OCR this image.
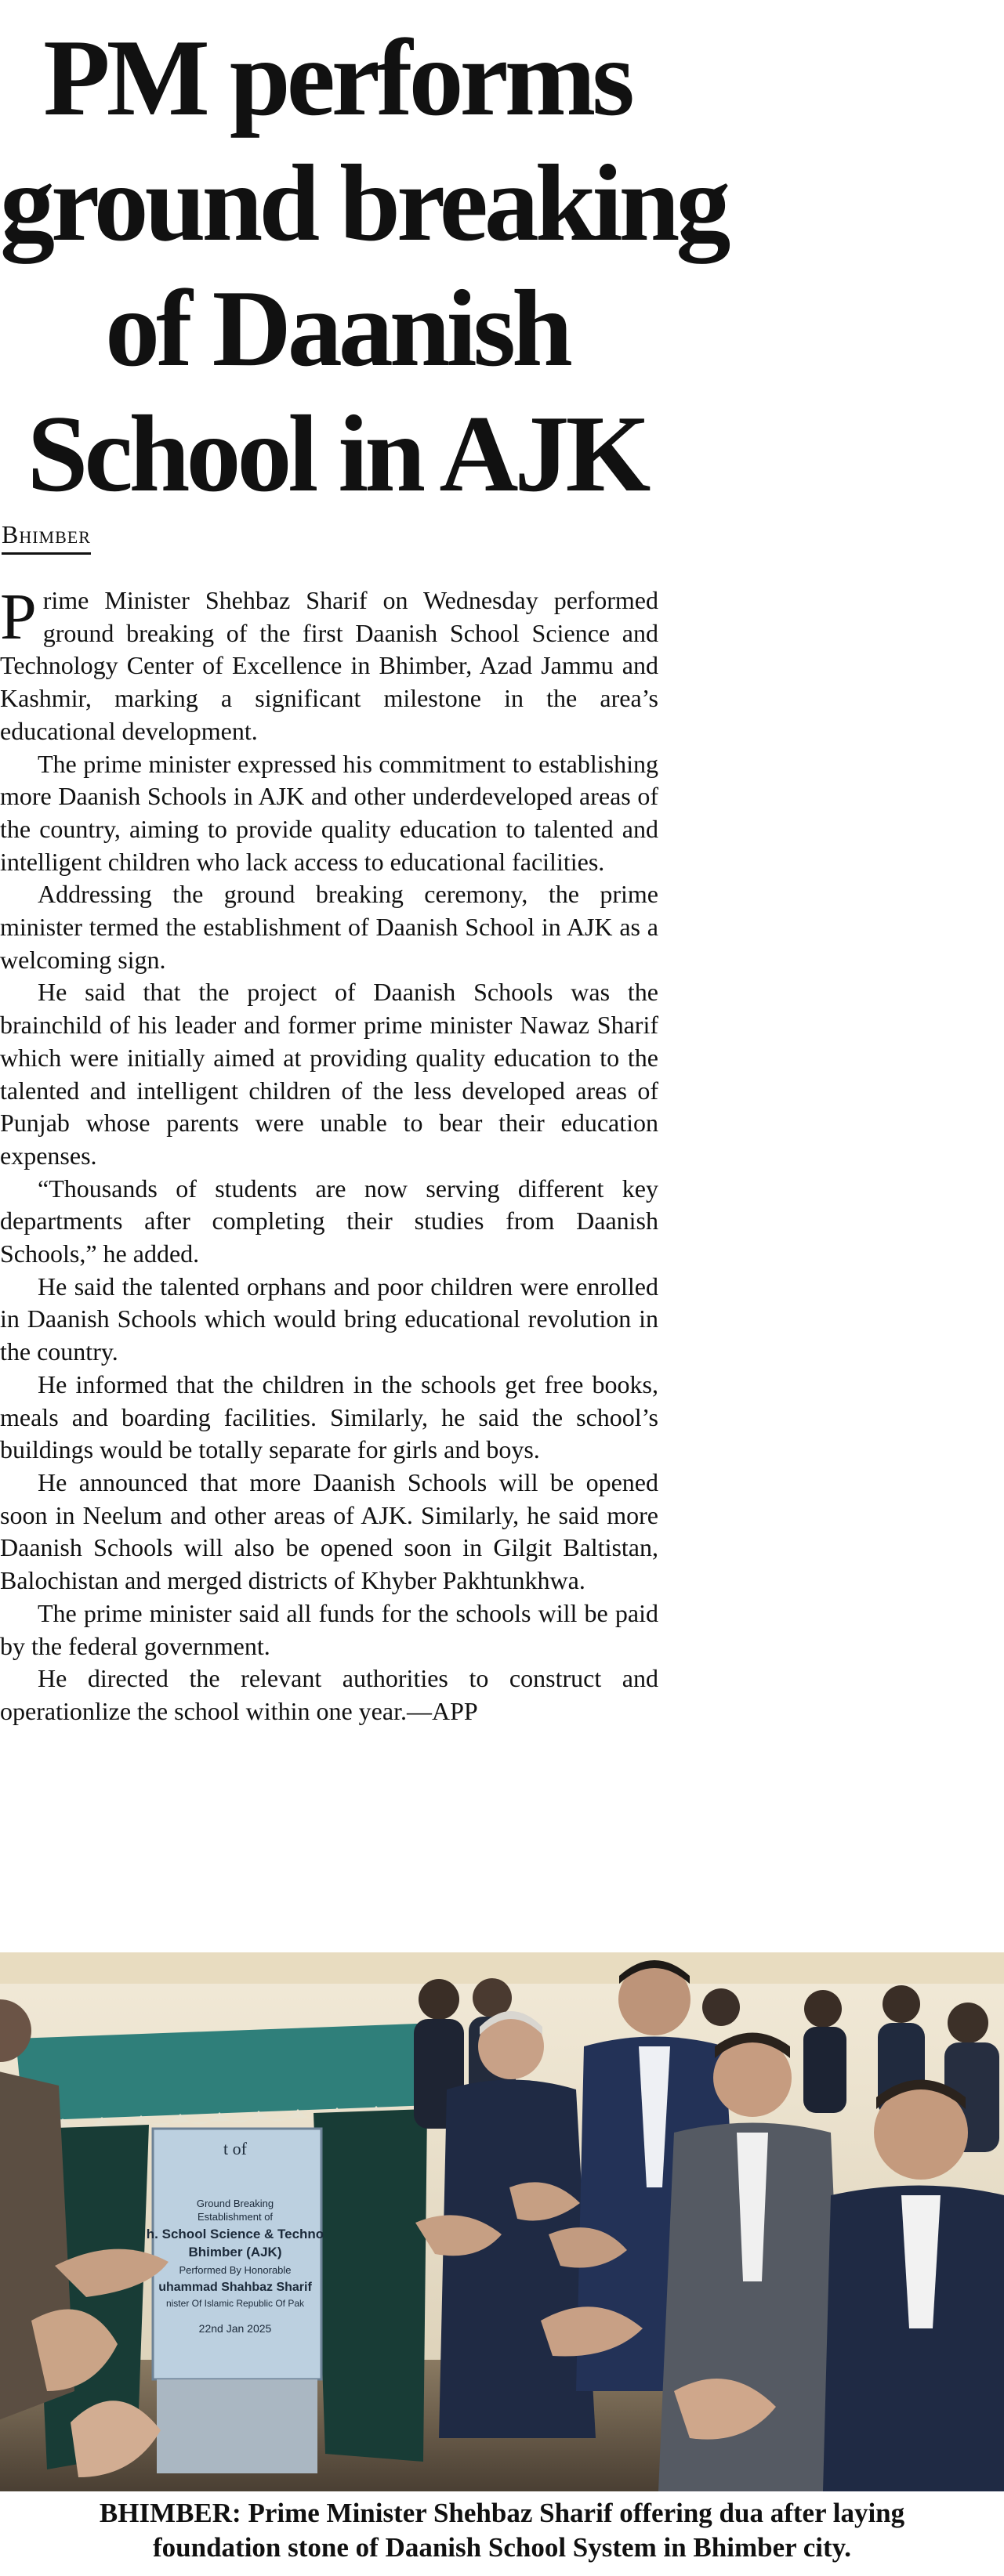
PM performs
ground breaking
of Daanish
School in AJK
Bhimber

Prime Minister Shehbaz Sharif on Wednesday performed ground breaking of the first Daanish School Science and Technology Center of Excellence in Bhimber, Azad Jammu and Kashmir, marking a significant milestone in the area’s educational development.

The prime minister expressed his commitment to establishing more Daanish Schools in AJK and other underdeveloped areas of the country, aiming to provide quality education to talented and intelligent children who lack access to educational facilities.

Addressing the ground breaking ceremony, the prime minister termed the establishment of Daanish School in AJK as a welcoming sign.

He said that the project of Daanish Schools was the brainchild of his leader and former prime minister Nawaz Sharif which were initially aimed at providing quality education to the talented and intelligent children of the less developed areas of Punjab whose parents were unable to bear their education expenses.

“Thousands of students are now serving different key departments after completing their studies from Daanish Schools,” he added.

He said the talented orphans and poor children were enrolled in Daanish Schools which would bring educational revolution in the country.

He informed that the children in the schools get free books, meals and boarding facilities. Similarly, he said the school’s buildings would be totally separate for girls and boys.

He announced that more Daanish Schools will be opened soon in Neelum and other areas of AJK. Similarly, he said more Daanish Schools will also be opened soon in Gilgit Baltistan, Balochistan and merged districts of Khyber Pakhtunkhwa.

The prime minister said all funds for the schools will be paid by the federal government.

He directed the relevant authorities to construct and operationlize the school within one year.—APP

t of
Ground Breaking
Establishment of
h. School Science & Techno
Bhimber (AJK)
Performed By Honorable
uhammad Shahbaz Sharif
nister Of Islamic Republic Of Pak
22nd Jan 2025
BHIMBER: Prime Minister Shehbaz Sharif offering dua after laying
foundation stone of Daanish School System in Bhimber city.
